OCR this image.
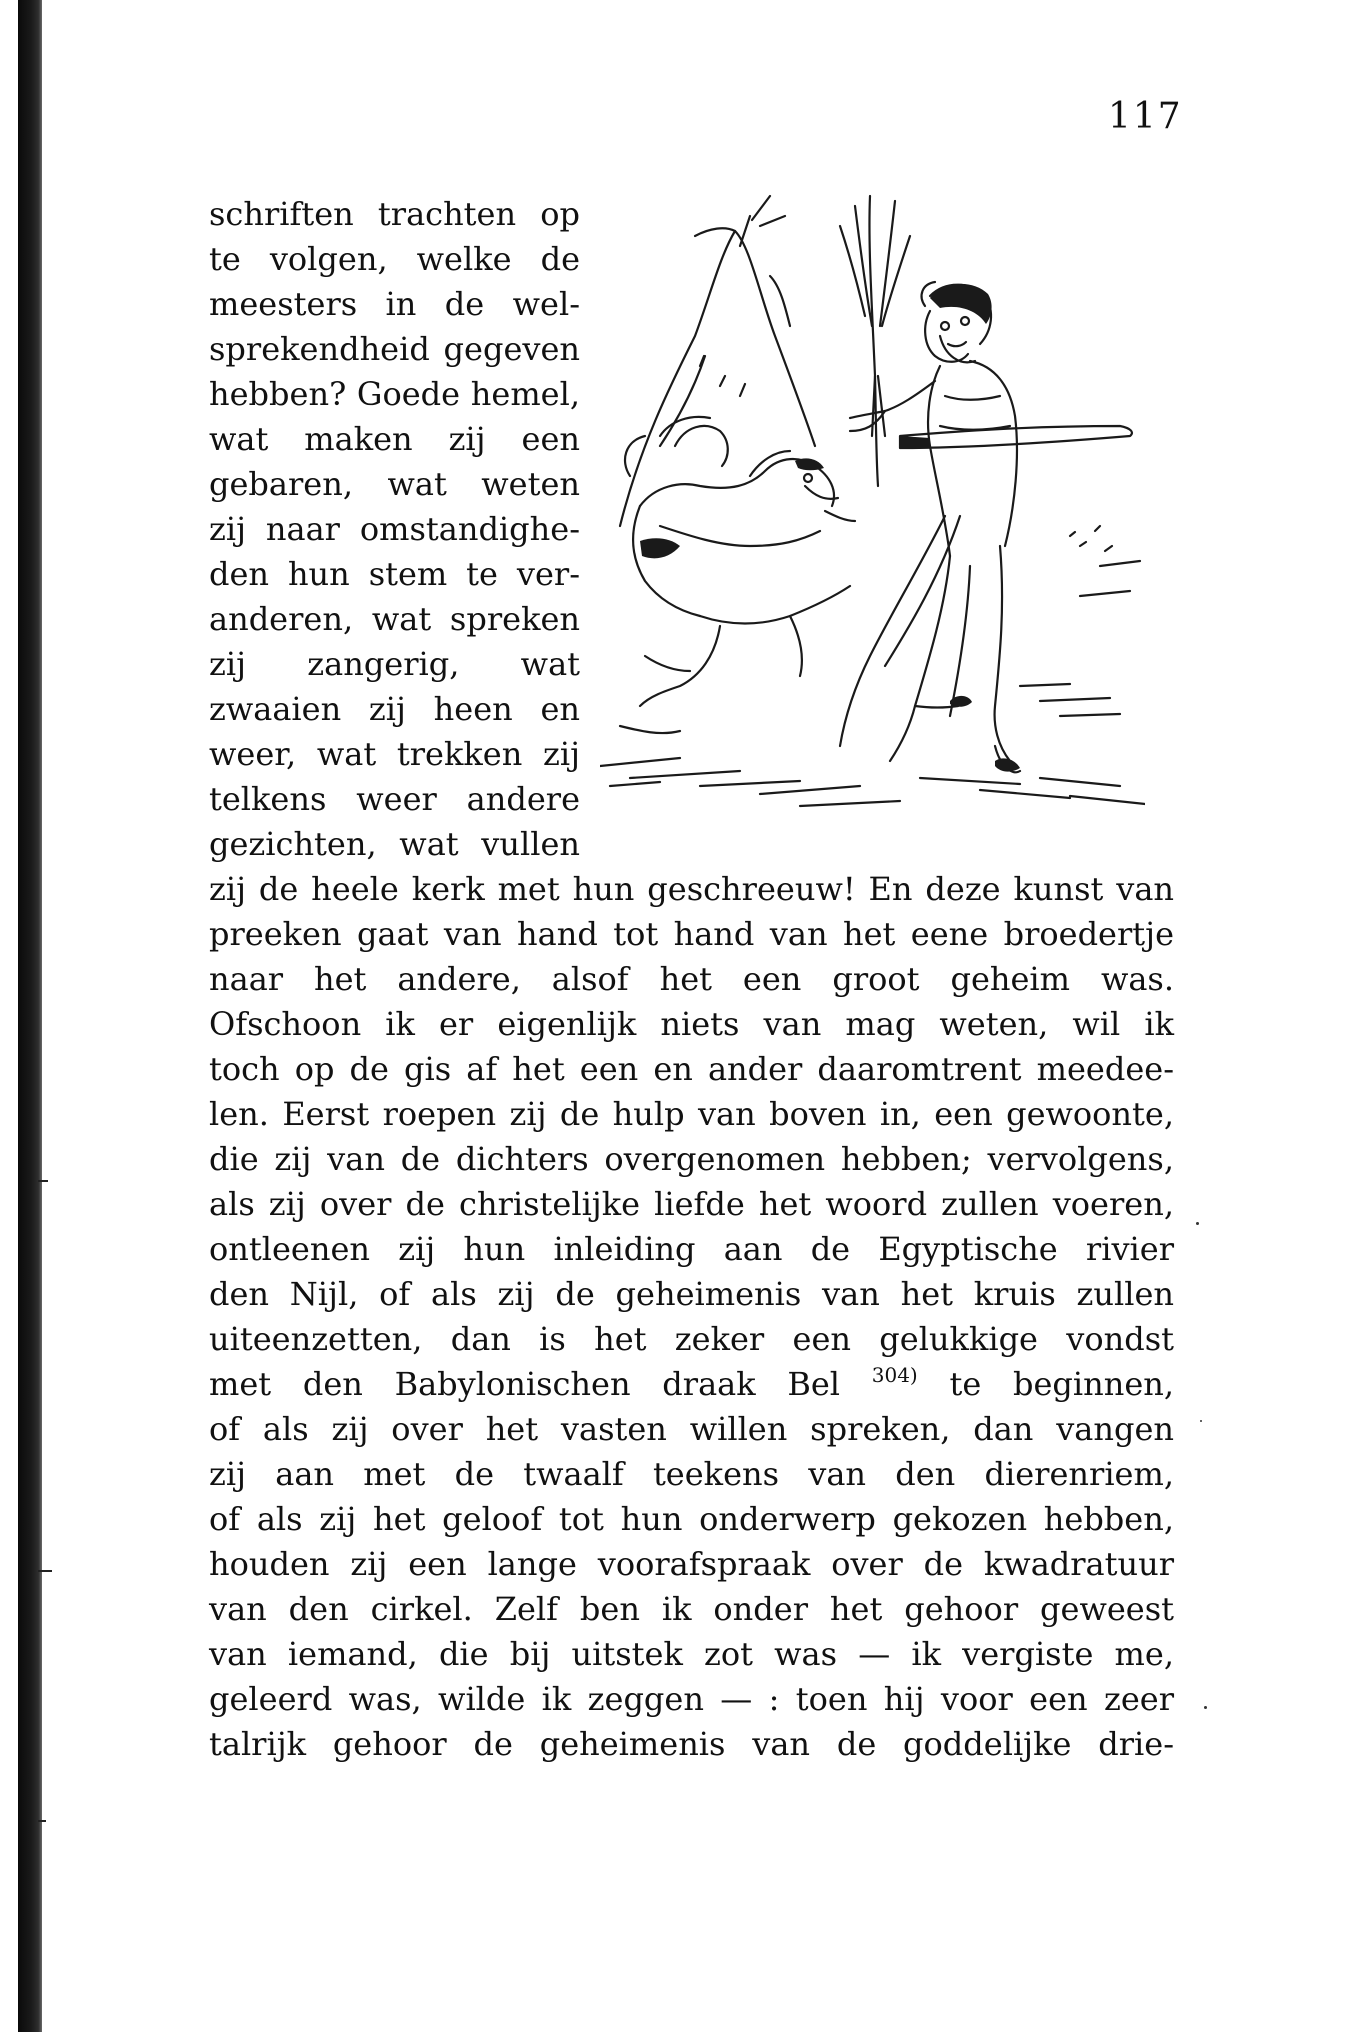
117
schriften trachten op
te volgen, welke de
meesters in de wel-
sprekendheid gegeven
hebben? Goede hemel,
wat maken zij een
gebaren, wat weten
zij naar omstandighe-
den hun stem te ver-
anderen, wat spreken
zij zangerig, wat
zwaaien zij heen en
weer, wat trekken zij
telkens weer andere
gezichten, wat vullen
zij de heele kerk met hun geschreeuw! En deze kunst van
preeken gaat van hand tot hand van het eene broedertje
naar het andere, alsof het een groot geheim was.
Ofschoon ik er eigenlijk niets van mag weten, wil ik
toch op de gis af het een en ander daaromtrent meedee-
len. Eerst roepen zij de hulp van boven in, een gewoonte,
die zij van de dichters overgenomen hebben; vervolgens,
als zij over de christelijke liefde het woord zullen voeren,
ontleenen zij hun inleiding aan de Egyptische rivier
den Nijl, of als zij de geheimenis van het kruis zullen
uiteenzetten, dan is het zeker een gelukkige vondst
met den Babylonischen draak Bel $^{304)}$ te beginnen,
of als zij over het vasten willen spreken, dan vangen
zij aan met de twaalf teekens van den dierenriem,
of als zij het geloof tot hun onderwerp gekozen hebben,
houden zij een lange voorafspraak over de kwadratuur
van den cirkel. Zelf ben ik onder het gehoor geweest
van iemand, die bij uitstek zot was — ik vergiste me,
geleerd was, wilde ik zeggen — : toen hij voor een zeer
talrijk gehoor de geheimenis van de goddelijke drie-
